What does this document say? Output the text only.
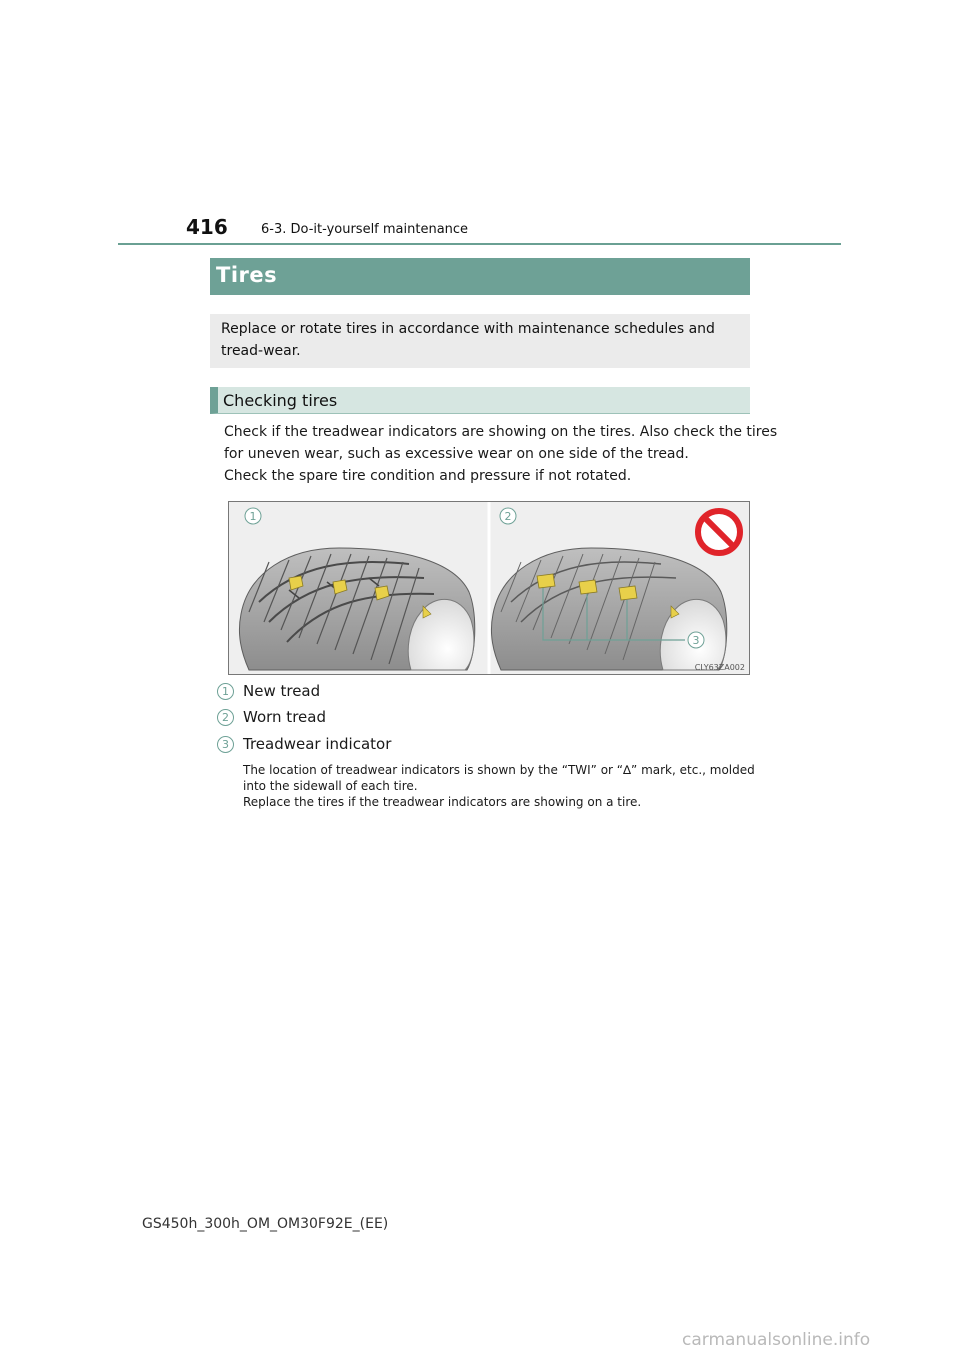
416	6-3. Do-it-yourself maintenance
Tires
Replace or rotate tires in accordance with maintenance schedules and tread-wear.
Checking tires
Check if the treadwear indicators are showing on the tires. Also check the tires
for uneven wear, such as excessive wear on one side of the tread.
Check the spare tire condition and pressure if not rotated.
1	2
3
CLY63ZA002
1 New tread
2 Worn tread
3 Treadwear indicator
The location of treadwear indicators is shown by the “TWI” or “∆” mark, etc., molded
into the sidewall of each tire.
Replace the tires if the treadwear indicators are showing on a tire.
GS450h_300h_OM_OM30F92E_(EE)
carmanualsonline.info
